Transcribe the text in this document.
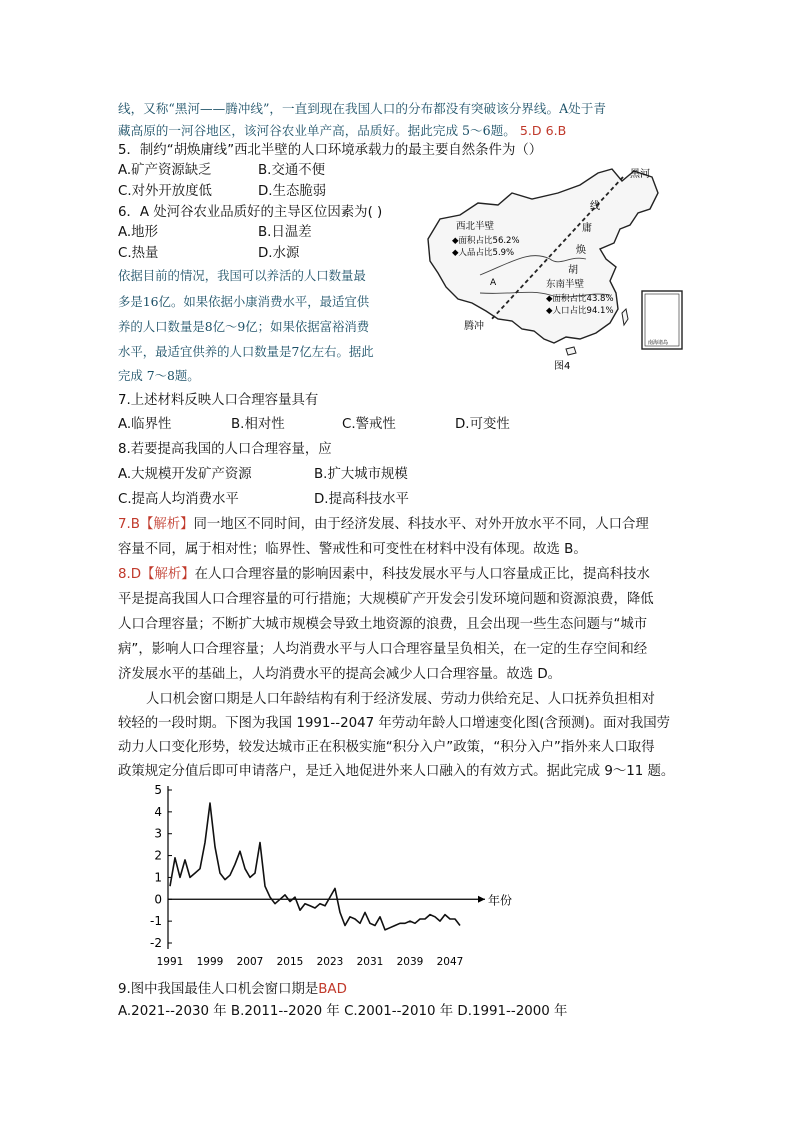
线，又称“黑河——腾冲线”，一直到现在我国人口的分布都没有突破该分界线。A处于青
藏高原的一河谷地区，该河谷农业单产高，品质好。据此完成 5～6题。 5.D 6.B
5．制约“胡焕庸线”西北半壁的人口环境承载力的最主要自然条件为（）
A.矿产资源缺乏	B.交通不便
C.对外开放度低	D.生态脆弱
6．A 处河谷农业品质好的主导区位因素为( )
A.地形	B.日温差
C.热量	D.水源
依据目前的情况，我国可以养活的人口数量最
多是16亿。如果依据小康消费水平，最适宜供
养的人口数量是8亿～9亿；如果依据富裕消费
水平，最适宜供养的人口数量是7亿左右。据此
完成 7～8题。
黑河
腾冲
线
庸
焕
胡
西北半壁
◆面积占比56.2%
◆人品占比5.9%
东南半壁
◆面积占比43.8%
◆人口占比94.1%
A
南海诸岛
图4
7.上述材料反映人口合理容量具有
A.临界性	B.相对性	C.警戒性	D.可变性
8.若要提高我国的人口合理容量，应
A.大规模开发矿产资源	B.扩大城市规模
C.提高人均消费水平	D.提高科技水平
7.B【解析】同一地区不同时间，由于经济发展、科技水平、对外开放水平不同，人口合理
容量不同，属于相对性；临界性、警戒性和可变性在材料中没有体现。故选 B。
8.D【解析】在人口合理容量的影响因素中，科技发展水平与人口容量成正比，提高科技水
平是提高我国人口合理容量的可行措施；大规模矿产开发会引发环境问题和资源浪费，降低
人口合理容量；不断扩大城市规模会导致土地资源的浪费，且会出现一些生态问题与“城市
病”，影响人口合理容量；人均消费水平与人口合理容量呈负相关，在一定的生存空间和经
济发展水平的基础上，人均消费水平的提高会减少人口合理容量。故选 D。
人口机会窗口期是人口年龄结构有利于经济发展、劳动力供给充足、人口抚养负担相对
较轻的一段时期。下图为我国 1991--2047 年劳动年龄人口增速变化图(含预测)。面对我国劳
动力人口变化形势，较发达城市正在积极实施“积分入户”政策，“积分入户”指外来人口取得
政策规定分值后即可申请落户，是迁入地促进外来人口融入的有效方式。据此完成 9～11 题。
年份
5
4
3
2
1
0
-1
-2
1991 1999 2007 2015 2023 2031 2039 2047
9.图中我国最佳人口机会窗口期是BAD
A.2021--2030 年 B.2011--2020 年 C.2001--2010 年 D.1991--2000 年
